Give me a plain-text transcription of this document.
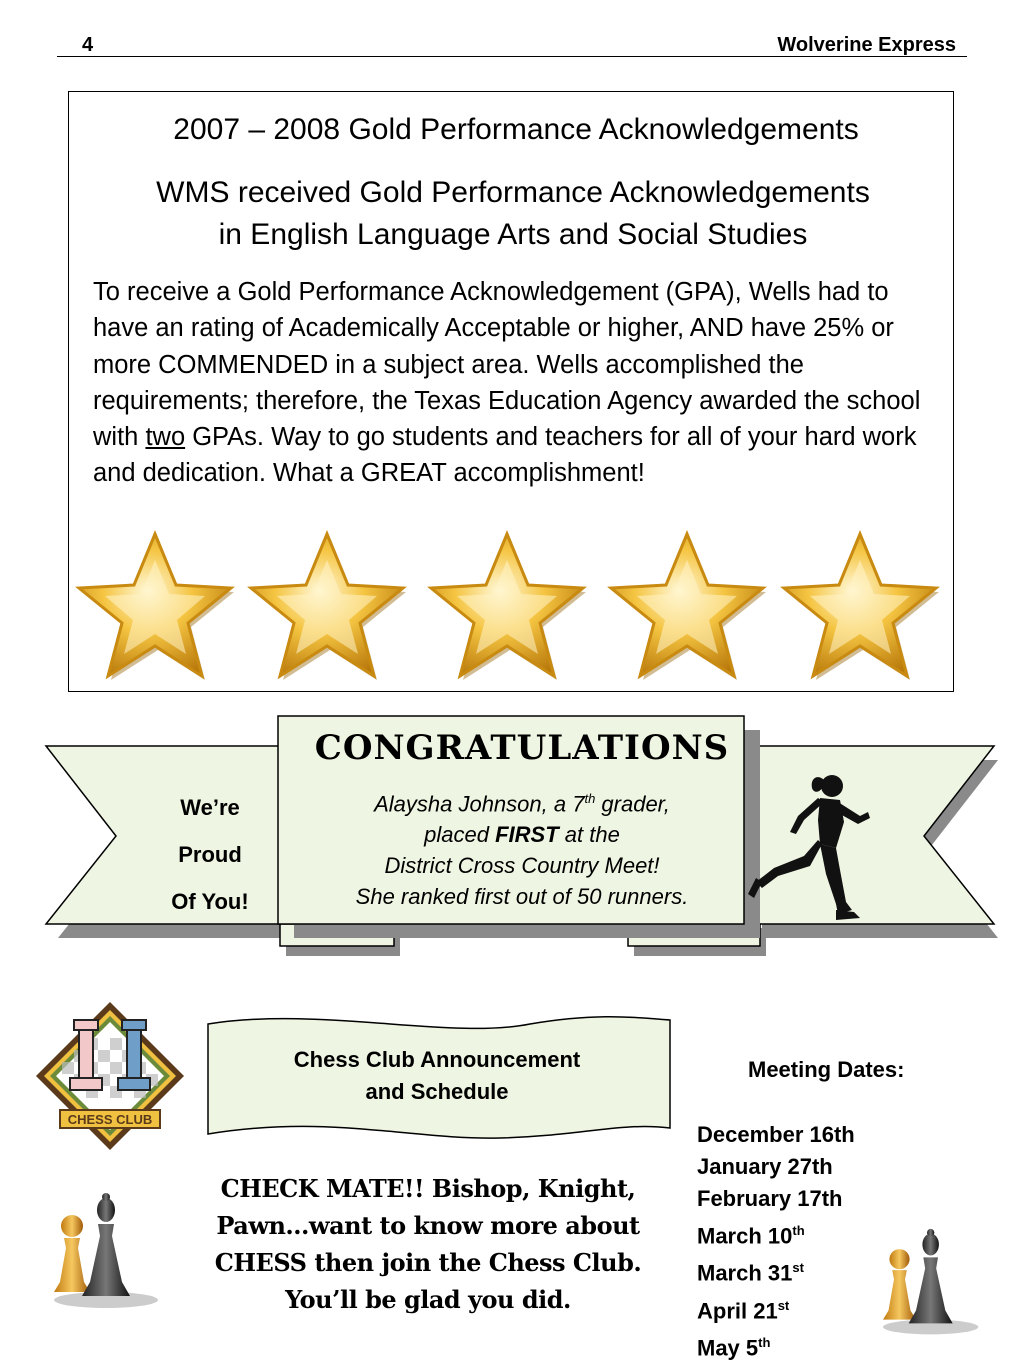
4	Wolverine Express
2007 – 2008 Gold Performance Acknowledgements
WMS received Gold Performance Acknowledgements
in English Language Arts and Social Studies
To receive a Gold Performance Acknowledgement (GPA), Wells had to have an rating of Academically Acceptable or higher, AND have 25% or more COMMENDED in a subject area. Wells accomplished the requirements; therefore, the Texas Education Agency awarded the school with two GPAs. Way to go students and teachers for all of your hard work and dedication. What a GREAT accomplishment!
We’re
Proud
Of You!
CONGRATULATIONS
Alaysha Johnson, a 7th grader,
placed FIRST at the
District Cross Country Meet!
She ranked first out of 50 runners.
CHESS CLUB
Chess Club Announcement
and Schedule
Meeting Dates:
December 16th
January 27th
February 17th
March 10th
March 31st
April 21st
May 5th
CHECK MATE!! Bishop, Knight,
Pawn…want to know more about
CHESS then join the Chess Club.
You’ll be glad you did.
